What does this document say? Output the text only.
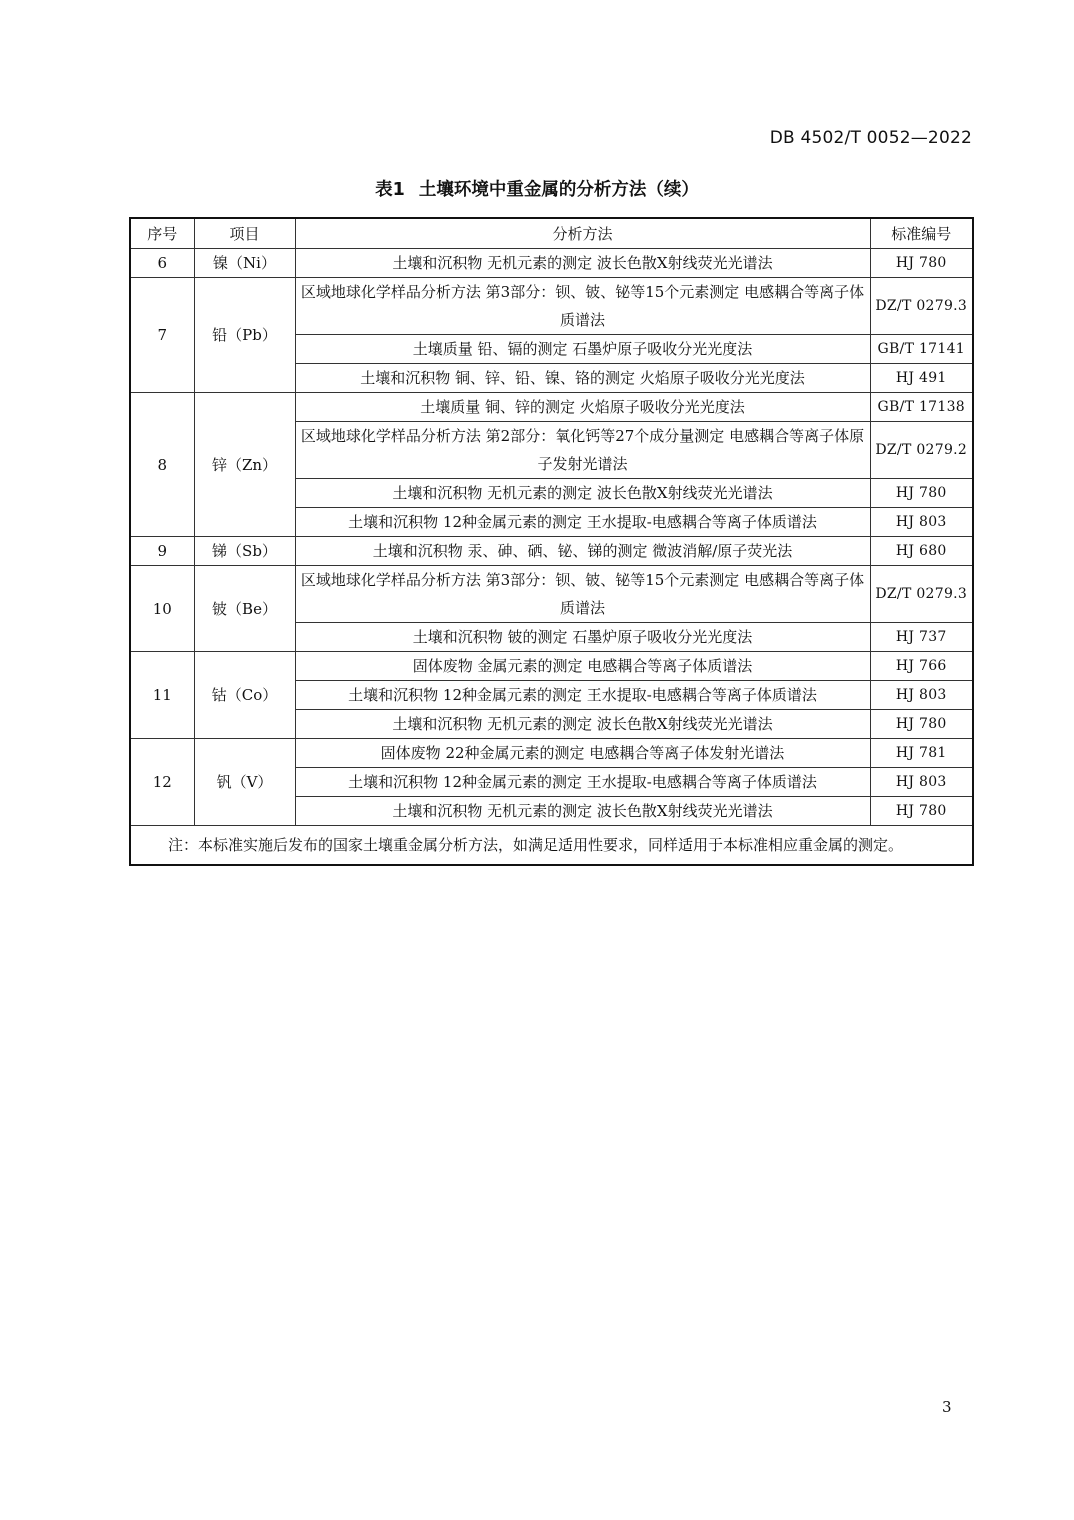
DB 4502/T 0052—2022
表1 土壤环境中重金属的分析方法（续）
序号	项目	分析方法	标准编号
6	镍（Ni）	土壤和沉积物 无机元素的测定 波长色散X射线荧光光谱法	HJ 780
7	铅（Pb）	区域地球化学样品分析方法 第3部分：钡、铍、铋等15个元素测定 电感耦合等离子体质谱法	DZ/T 0279.3
		土壤质量 铅、镉的测定 石墨炉原子吸收分光光度法	GB/T 17141
		土壤和沉积物 铜、锌、铅、镍、铬的测定 火焰原子吸收分光光度法	HJ 491
8	锌（Zn）	土壤质量 铜、锌的测定 火焰原子吸收分光光度法	GB/T 17138
		区域地球化学样品分析方法 第2部分：氧化钙等27个成分量测定 电感耦合等离子体原子发射光谱法	DZ/T 0279.2
		土壤和沉积物 无机元素的测定 波长色散X射线荧光光谱法	HJ 780
		土壤和沉积物 12种金属元素的测定 王水提取-电感耦合等离子体质谱法	HJ 803
9	锑（Sb）	土壤和沉积物 汞、砷、硒、铋、锑的测定 微波消解/原子荧光法	HJ 680
10	铍（Be）	区域地球化学样品分析方法 第3部分：钡、铍、铋等15个元素测定 电感耦合等离子体质谱法	DZ/T 0279.3
		土壤和沉积物 铍的测定 石墨炉原子吸收分光光度法	HJ 737
11	钴（Co）	固体废物 金属元素的测定 电感耦合等离子体质谱法	HJ 766
		土壤和沉积物 12种金属元素的测定 王水提取-电感耦合等离子体质谱法	HJ 803
		土壤和沉积物 无机元素的测定 波长色散X射线荧光光谱法	HJ 780
12	钒（V）	固体废物 22种金属元素的测定 电感耦合等离子体发射光谱法	HJ 781
		土壤和沉积物 12种金属元素的测定 王水提取-电感耦合等离子体质谱法	HJ 803
		土壤和沉积物 无机元素的测定 波长色散X射线荧光光谱法	HJ 780
注：本标准实施后发布的国家土壤重金属分析方法，如满足适用性要求，同样适用于本标准相应重金属的测定。			
3
